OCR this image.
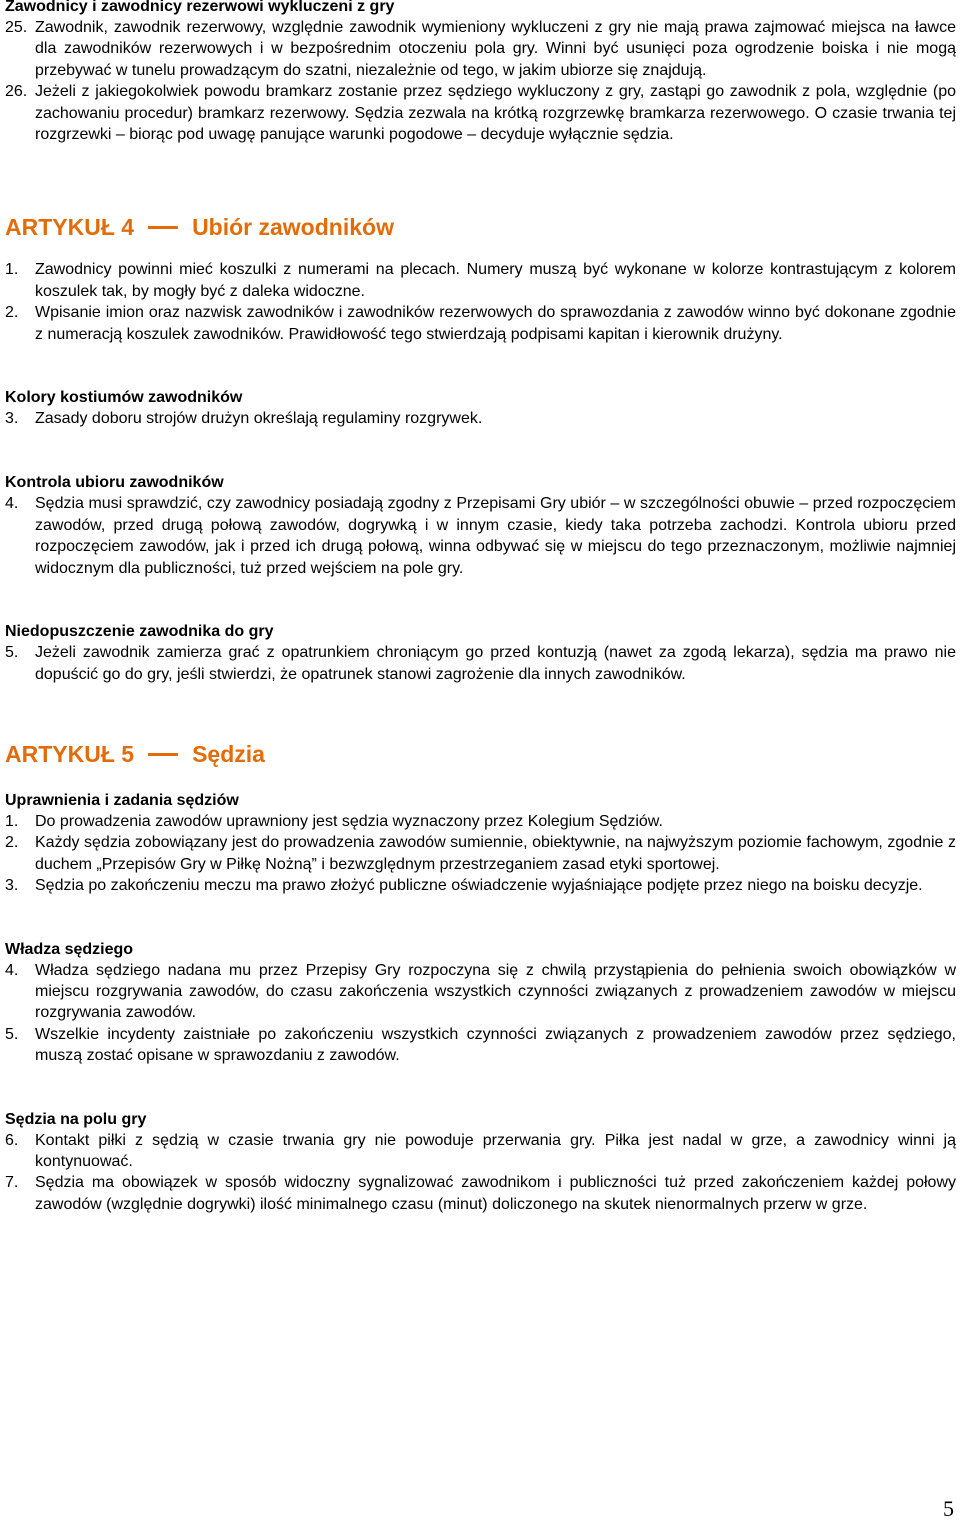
Zawodnicy i zawodnicy rezerwowi wykluczeni z gry

25. Zawodnik, zawodnik rezerwowy, względnie zawodnik wymieniony wykluczeni z gry nie mają prawa zajmować miejsca na ławce dla zawodników rezerwowych i w bezpośrednim otoczeniu pola gry. Winni być usunięci poza ogrodzenie boiska i nie mogą przebywać w tunelu prowadzącym do szatni, niezależnie od tego, w jakim ubiorze się znajdują.
26. Jeżeli z jakiegokolwiek powodu bramkarz zostanie przez sędziego wykluczony z gry, zastąpi go zawodnik z pola, względnie (po zachowaniu procedur) bramkarz rezerwowy. Sędzia zezwala na krótką rozgrzewkę bramkarza rezerwowego. O czasie trwania tej rozgrzewki – biorąc pod uwagę panujące warunki pogodowe – decyduje wyłącznie sędzia.
ARTYKUŁ 4	Ubiór zawodników
1. Zawodnicy powinni mieć koszulki z numerami na plecach. Numery muszą być wykonane w kolorze kontrastującym z kolorem koszulek tak, by mogły być z daleka widoczne.
2. Wpisanie imion oraz nazwisk zawodników i zawodników rezerwowych do sprawozdania z zawodów winno być dokonane zgodnie z numeracją koszulek zawodników. Prawidłowość tego stwierdzają podpisami kapitan i kierownik drużyny.

Kolory kostiumów zawodników

3. Zasady doboru strojów drużyn określają regulaminy rozgrywek.

Kontrola ubioru zawodników

4. Sędzia musi sprawdzić, czy zawodnicy posiadają zgodny z Przepisami Gry ubiór – w szczególności obuwie – przed rozpoczęciem zawodów, przed drugą połową zawodów, dogrywką i w innym czasie, kiedy taka potrzeba zachodzi. Kontrola ubioru przed rozpoczęciem zawodów, jak i przed ich drugą połową, winna odbywać się w miejscu do tego przeznaczonym, możliwie najmniej widocznym dla publiczności, tuż przed wejściem na pole gry.

Niedopuszczenie zawodnika do gry

5. Jeżeli zawodnik zamierza grać z opatrunkiem chroniącym go przed kontuzją (nawet za zgodą lekarza), sędzia ma prawo nie dopuścić go do gry, jeśli stwierdzi, że opatrunek stanowi zagrożenie dla innych zawodników.
ARTYKUŁ 5	Sędzia

Uprawnienia i zadania sędziów

1. Do prowadzenia zawodów uprawniony jest sędzia wyznaczony przez Kolegium Sędziów.
2. Każdy sędzia zobowiązany jest do prowadzenia zawodów sumiennie, obiektywnie, na najwyższym poziomie fachowym, zgodnie z duchem „Przepisów Gry w Piłkę Nożną” i bezwzględnym przestrzeganiem zasad etyki sportowej.
3. Sędzia po zakończeniu meczu ma prawo złożyć publiczne oświadczenie wyjaśniające podjęte przez niego na boisku decyzje.

Władza sędziego

4. Władza sędziego nadana mu przez Przepisy Gry rozpoczyna się z chwilą przystąpienia do pełnienia swoich obowiązków w miejscu rozgrywania zawodów, do czasu zakończenia wszystkich czynności związanych z prowadzeniem zawodów w miejscu rozgrywania zawodów.
5. Wszelkie incydenty zaistniałe po zakończeniu wszystkich czynności związanych z prowadzeniem zawodów przez sędziego, muszą zostać opisane w sprawozdaniu z zawodów.

Sędzia na polu gry

6. Kontakt piłki z sędzią w czasie trwania gry nie powoduje przerwania gry. Piłka jest nadal w grze, a zawodnicy winni ją kontynuować.
7. Sędzia ma obowiązek w sposób widoczny sygnalizować zawodnikom i publiczności tuż przed zakończeniem każdej połowy zawodów (względnie dogrywki) ilość minimalnego czasu (minut) doliczonego na skutek nienormalnych przerw w grze.
5
